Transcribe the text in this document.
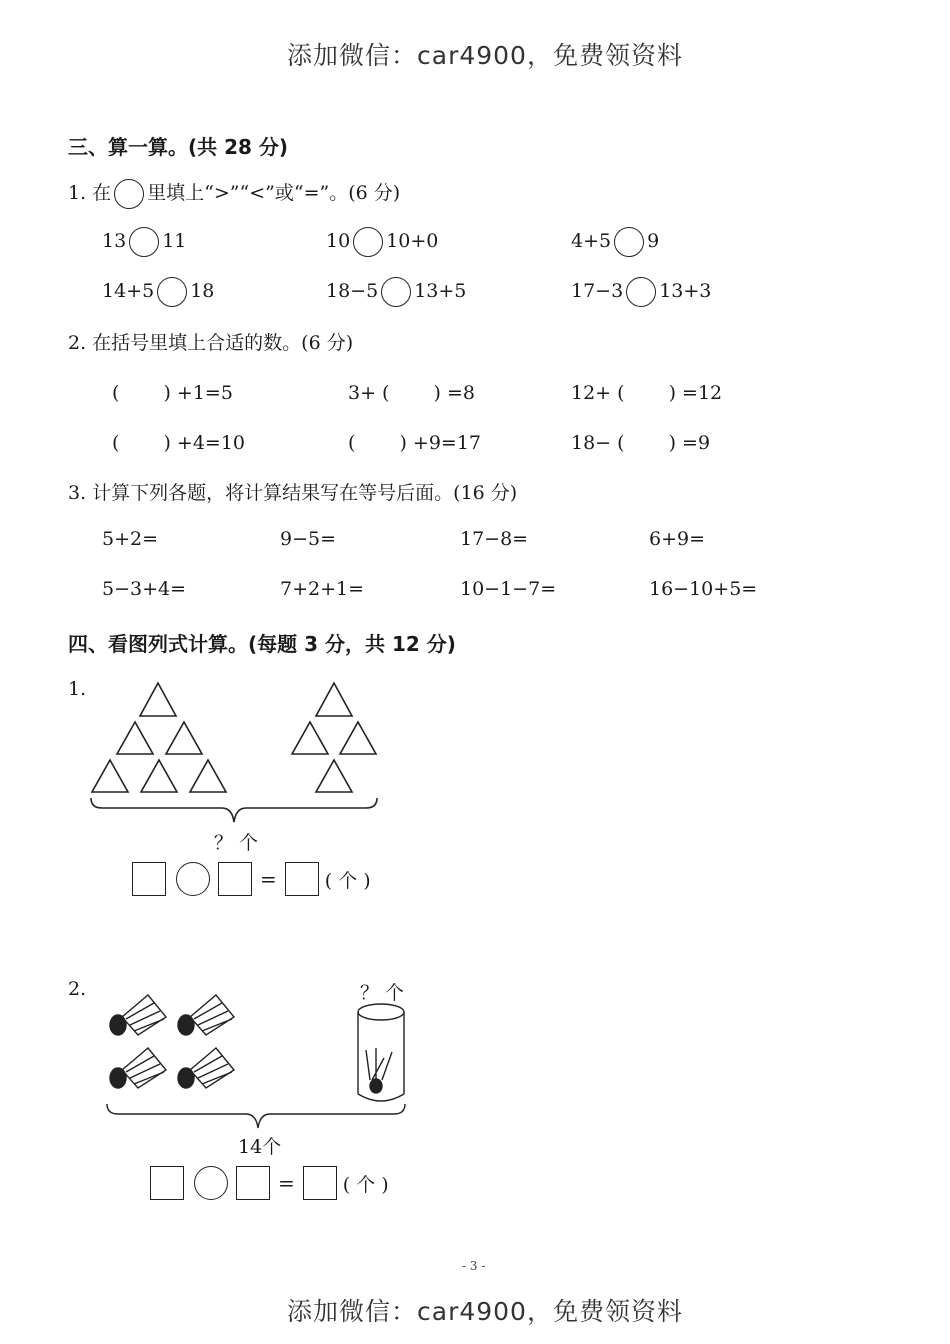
添加微信：car4900，免费领资料
三、算一算。(共 28 分)
1. 在 里填上“>”“<”或“=”。(6 分)
13 11	10 10+0	4+5 9
14+5 18	18−5 13+5	17−3 13+3
2. 在括号里填上合适的数。(6 分)
(　　 ) +1=5	3+ (　　 ) =8	12+ (　　 ) =12
(　　 ) +4=10	(　　 ) +9=17	18− (　　 ) =9
3. 计算下列各题，将计算结果写在等号后面。(16 分)
5+2=	9−5=	17−8=	6+9=
5−3+4=	7+2+1=	10−1−7=	16−10+5=
四、看图列式计算。(每题 3 分，共 12 分)
1.
？ 个
=	( 个 )
2.	？ 个
14个
=	( 个 )
- 3 -
添加微信：car4900，免费领资料
